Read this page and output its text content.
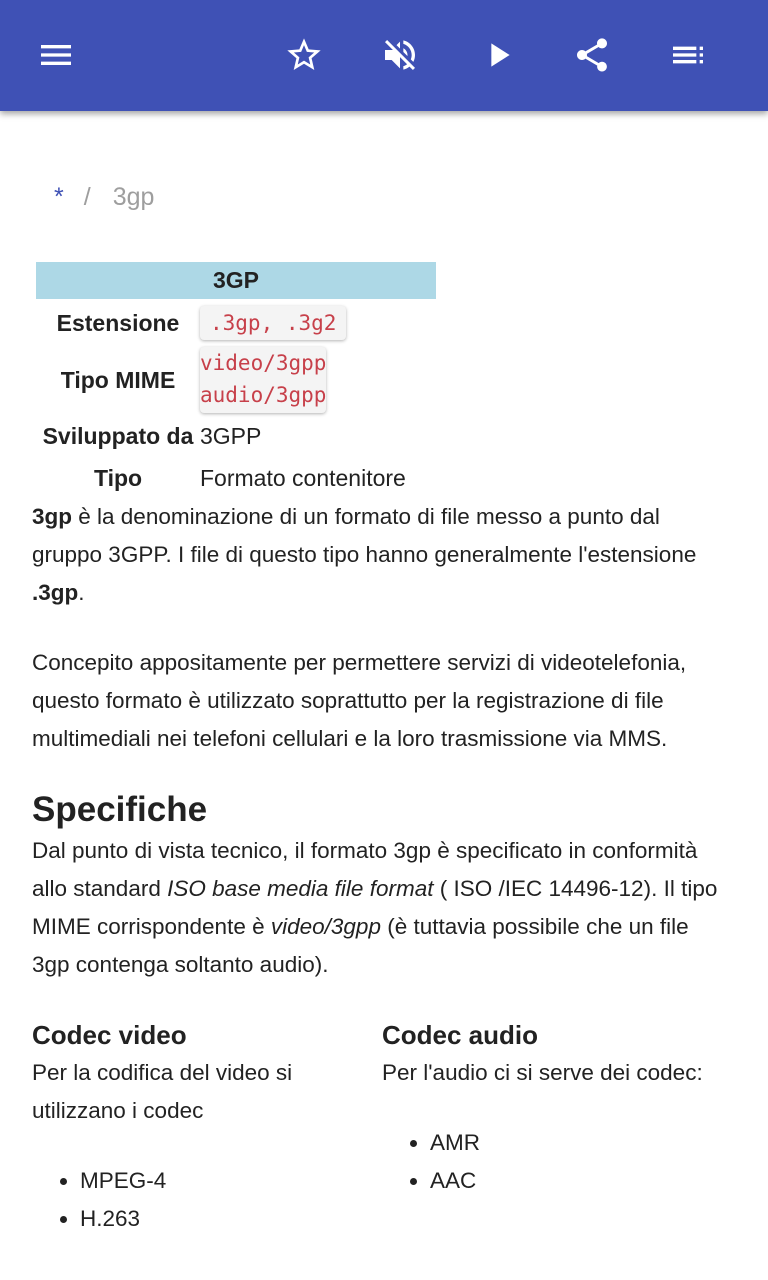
* / 3gp
3GP
Estensione	.3gp, .3g2
Tipo MIME
video/3gpp
audio/3gpp
Sviluppato da 3GPP
Tipo	Formato contenitore

3gp è la denominazione di un formato di file messo a punto dal gruppo 3GPP. I file di questo tipo hanno generalmente l'estensione .3gp.

Concepito appositamente per permettere servizi di videotelefonia, questo formato è utilizzato soprattutto per la registrazione di file multimediali nei telefoni cellulari e la loro trasmissione via MMS.

Specifiche

Dal punto di vista tecnico, il formato 3gp è specificato in conformità allo standard ISO base media file format ( ISO /IEC 14496-12). Il tipo MIME corrispondente è video/3gpp (è tuttavia possibile che un file 3gp contenga soltanto audio).

Codec video
Per la codifica del video si utilizzano i codec
• MPEG-4
• H.263
Codec audio
Per l'audio ci si serve dei codec:
• AMR
• AAC
